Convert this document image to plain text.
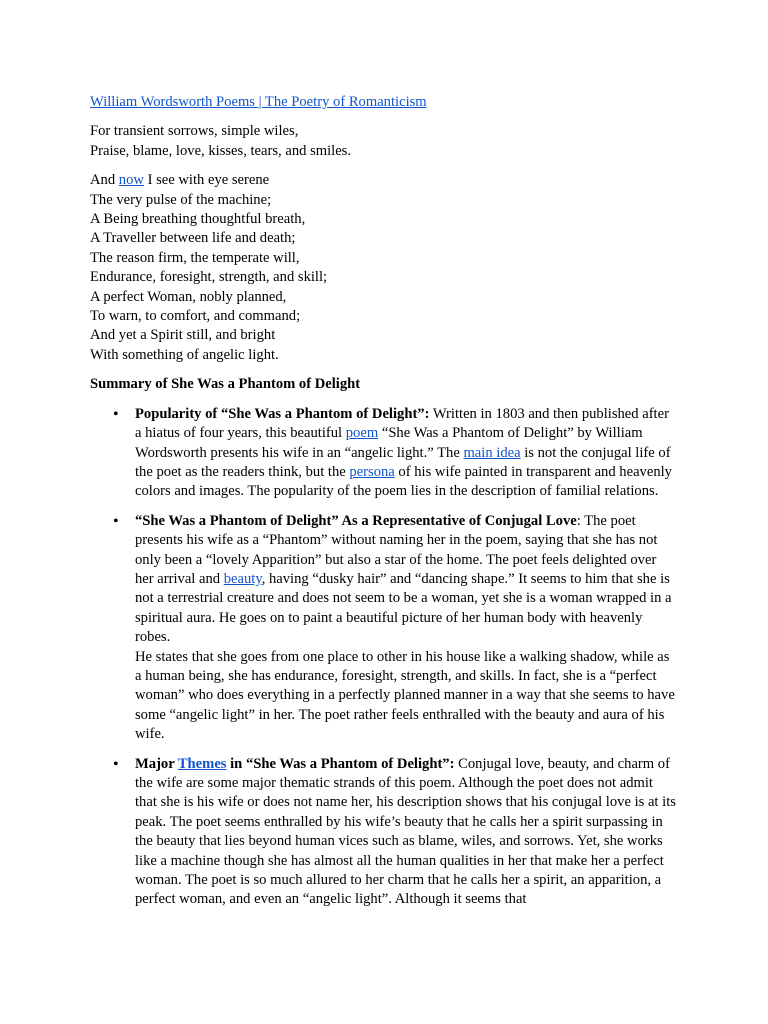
William Wordsworth Poems | The Poetry of Romanticism
For transient sorrows, simple wiles,
Praise, blame, love, kisses, tears, and smiles.
And now I see with eye serene
The very pulse of the machine;
A Being breathing thoughtful breath,
A Traveller between life and death;
The reason firm, the temperate will,
Endurance, foresight, strength, and skill;
A perfect Woman, nobly planned,
To warn, to comfort, and command;
And yet a Spirit still, and bright
With something of angelic light.
Summary of She Was a Phantom of Delight
• Popularity of “She Was a Phantom of Delight”: Written in 1803 and then published after a hiatus of four years, this beautiful poem “She Was a Phantom of Delight” by William Wordsworth presents his wife in an “angelic light.” The main idea is not the conjugal life of the poet as the readers think, but the persona of his wife painted in transparent and heavenly colors and images. The popularity of the poem lies in the description of familial relations.
• “She Was a Phantom of Delight” As a Representative of Conjugal Love: The poet presents his wife as a “Phantom” without naming her in the poem, saying that she has not only been a “lovely Apparition” but also a star of the home. The poet feels delighted over her arrival and beauty, having “dusky hair” and “dancing shape.” It seems to him that she is not a terrestrial creature and does not seem to be a woman, yet she is a woman wrapped in a spiritual aura. He goes on to paint a beautiful picture of her human body with heavenly robes.
He states that she goes from one place to other in his house like a walking shadow, while as a human being, she has endurance, foresight, strength, and skills. In fact, she is a “perfect woman” who does everything in a perfectly planned manner in a way that she seems to have some “angelic light” in her. The poet rather feels enthralled with the beauty and aura of his wife.
• Major Themes in “She Was a Phantom of Delight”: Conjugal love, beauty, and charm of the wife are some major thematic strands of this poem. Although the poet does not admit that she is his wife or does not name her, his description shows that his conjugal love is at its peak. The poet seems enthralled by his wife’s beauty that he calls her a spirit surpassing in the beauty that lies beyond human vices such as blame, wiles, and sorrows. Yet, she works like a machine though she has almost all the human qualities in her that make her a perfect woman. The poet is so much allured to her charm that he calls her a spirit, an apparition, a perfect woman, and even an “angelic light”. Although it seems that
